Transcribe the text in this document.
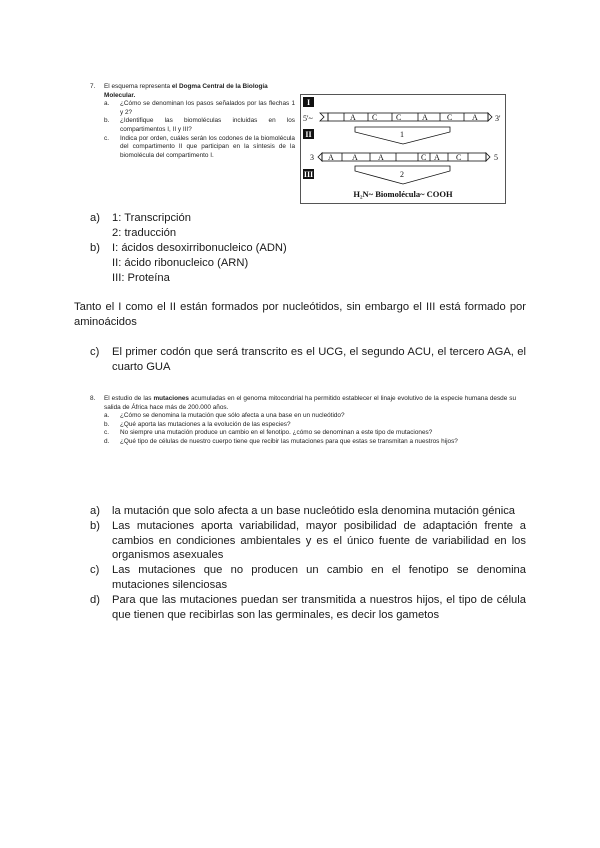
7.	El esquema representa el Dogma Central de la Biología Molecular.
a.	¿Cómo se denominan los pasos señalados por las flechas 1 y 2?
b.	¿Identifique las biomoléculas incluidas en los compartimentos I, II y III?
c.	Indica por orden, cuáles serán los codones de la biomolécula del compartimento II que participan en la síntesis de la biomolécula del compartimento I.
I
5'~	A C C	A C A 3'
II	1
3 A A	A	C A C	5
III	2
H₂N~ Biomolécula~ COOH
a)	1: Transcripción
2: traducción
b)	I: ácidos desoxirribonucleico (ADN)
II: ácido ribonucleico (ARN)
III: Proteína
Tanto el I como el II están formados por nucleótidos, sin embargo el III está formado por aminoácidos
c)	El primer codón que será transcrito es el UCG, el segundo ACU, el tercero AGA, el cuarto GUA
8.	El estudio de las mutaciones acumuladas en el genoma mitocondrial ha permitido establecer el linaje evolutivo de la especie humana desde su salida de África hace más de 200.000 años.
a.	¿Cómo se denomina la mutación que sólo afecta a una base en un nucleótido?
b.	¿Qué aporta las mutaciones a la evolución de las especies?
c.	No siempre una mutación produce un cambio en el fenotipo. ¿cómo se denominan a este tipo de mutaciones?
d.	¿Qué tipo de células de nuestro cuerpo tiene que recibir las mutaciones para que estas se transmitan a nuestros hijos?
a)	la mutación que solo afecta a un base nucleótido esla denomina mutación génica
b)	Las mutaciones aporta variabilidad, mayor posibilidad de adaptación frente a cambios en condiciones ambientales y es el único fuente de variabilidad en los organismos asexuales
c)	Las mutaciones que no producen un cambio en el fenotipo se denomina mutaciones silenciosas
d)	Para que las mutaciones puedan ser transmitida a nuestros hijos, el tipo de célula que tienen que recibirlas son las germinales, es decir los gametos
